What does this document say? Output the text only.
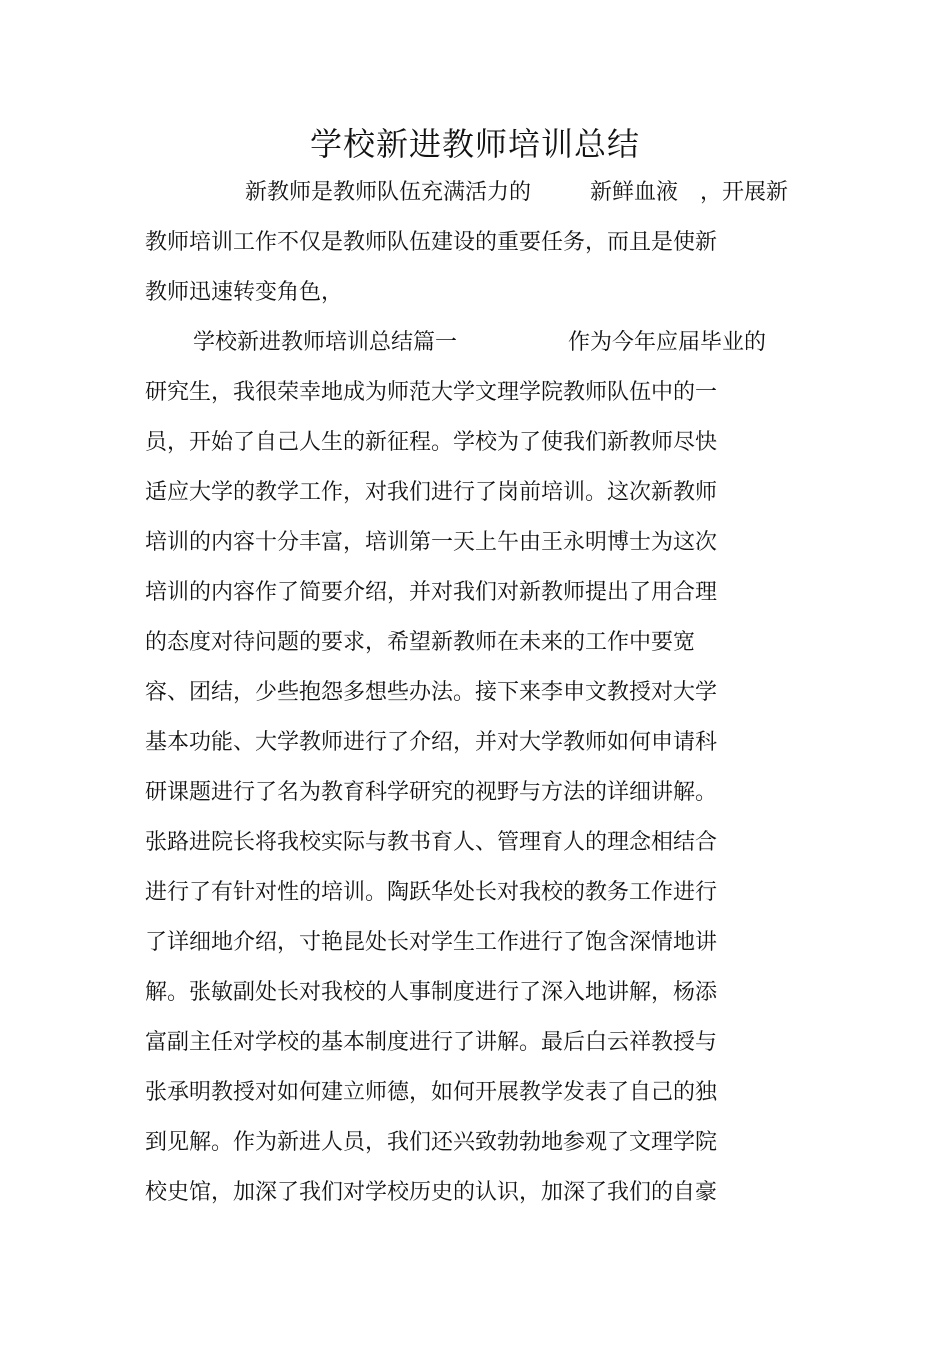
学校新进教师培训总结
新教师是教师队伍充满活力的	新鲜血液 ，开展新
教师培训工作不仅是教师队伍建设的重要任务，而且是使新
教师迅速转变角色，
学校新进教师培训总结篇一	作为今年应届毕业的
研究生，我很荣幸地成为师范大学文理学院教师队伍中的一
员，开始了自己人生的新征程。学校为了使我们新教师尽快
适应大学的教学工作，对我们进行了岗前培训。这次新教师
培训的内容十分丰富，培训第一天上午由王永明博士为这次
培训的内容作了简要介绍，并对我们对新教师提出了用合理
的态度对待问题的要求，希望新教师在未来的工作中要宽
容、团结，少些抱怨多想些办法。接下来李申文教授对大学
基本功能、大学教师进行了介绍，并对大学教师如何申请科
研课题进行了名为教育科学研究的视野与方法的详细讲解。
张路进院长将我校实际与教书育人、管理育人的理念相结合
进行了有针对性的培训。陶跃华处长对我校的教务工作进行
了详细地介绍，寸艳昆处长对学生工作进行了饱含深情地讲
解。张敏副处长对我校的人事制度进行了深入地讲解，杨添
富副主任对学校的基本制度进行了讲解。最后白云祥教授与
张承明教授对如何建立师德，如何开展教学发表了自己的独
到见解。作为新进人员，我们还兴致勃勃地参观了文理学院
校史馆，加深了我们对学校历史的认识，加深了我们的自豪
